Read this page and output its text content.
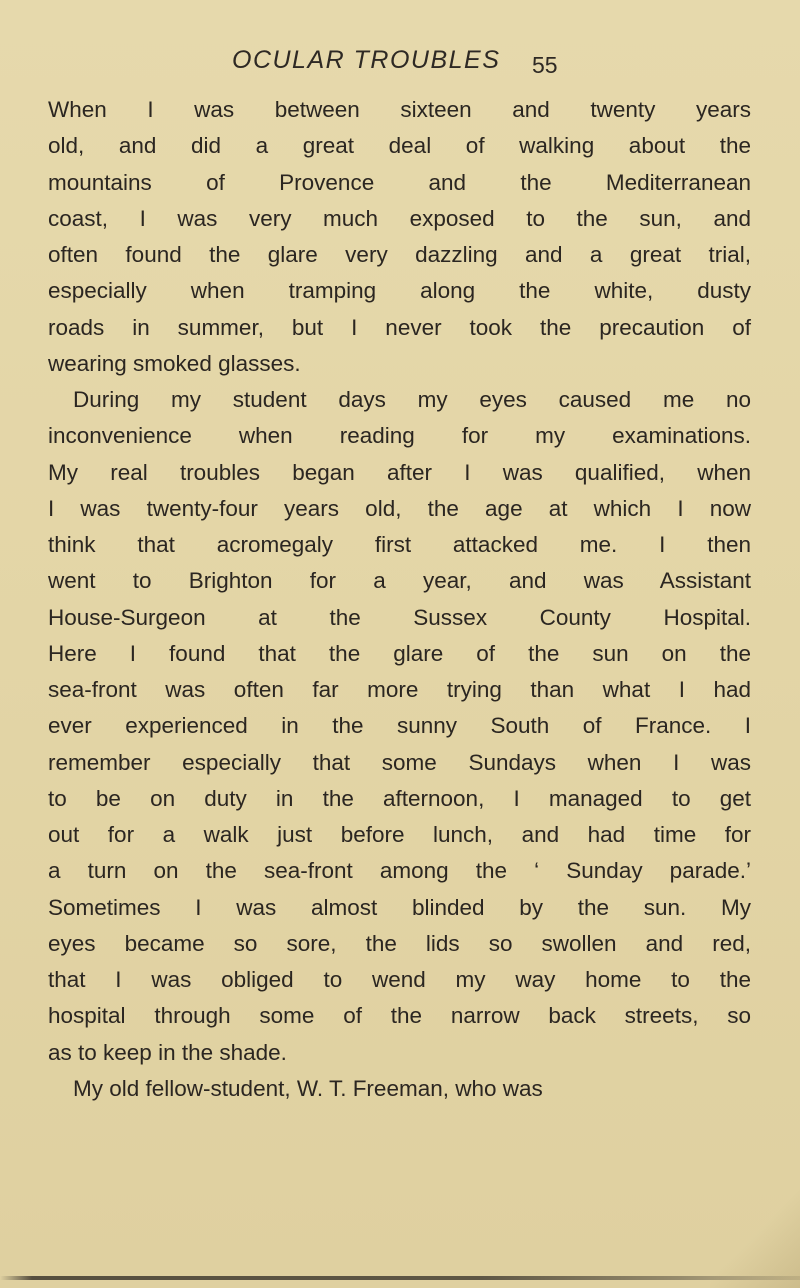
OCULAR TROUBLES 55
When I was between sixteen and twenty years
old, and did a great deal of walking about the
mountains of Provence and the Mediterranean
coast, I was very much exposed to the sun, and
often found the glare very dazzling and a great trial,
especially when tramping along the white, dusty
roads in summer, but I never took the precaution of
wearing smoked glasses.
During my student days my eyes caused me no
inconvenience when reading for my examinations.
My real troubles began after I was qualified, when
I was twenty-four years old, the age at which I now
think that acromegaly first attacked me. I then
went to Brighton for a year, and was Assistant
House-Surgeon at the Sussex County Hospital.
Here I found that the glare of the sun on the
sea-front was often far more trying than what I had
ever experienced in the sunny South of France. I
remember especially that some Sundays when I was
to be on duty in the afternoon, I managed to get
out for a walk just before lunch, and had time for
a turn on the sea-front among the ‘ Sunday parade.’
Sometimes I was almost blinded by the sun. My
eyes became so sore, the lids so swollen and red,
that I was obliged to wend my way home to the
hospital through some of the narrow back streets, so
as to keep in the shade.
My old fellow-student, W. T. Freeman, who was
